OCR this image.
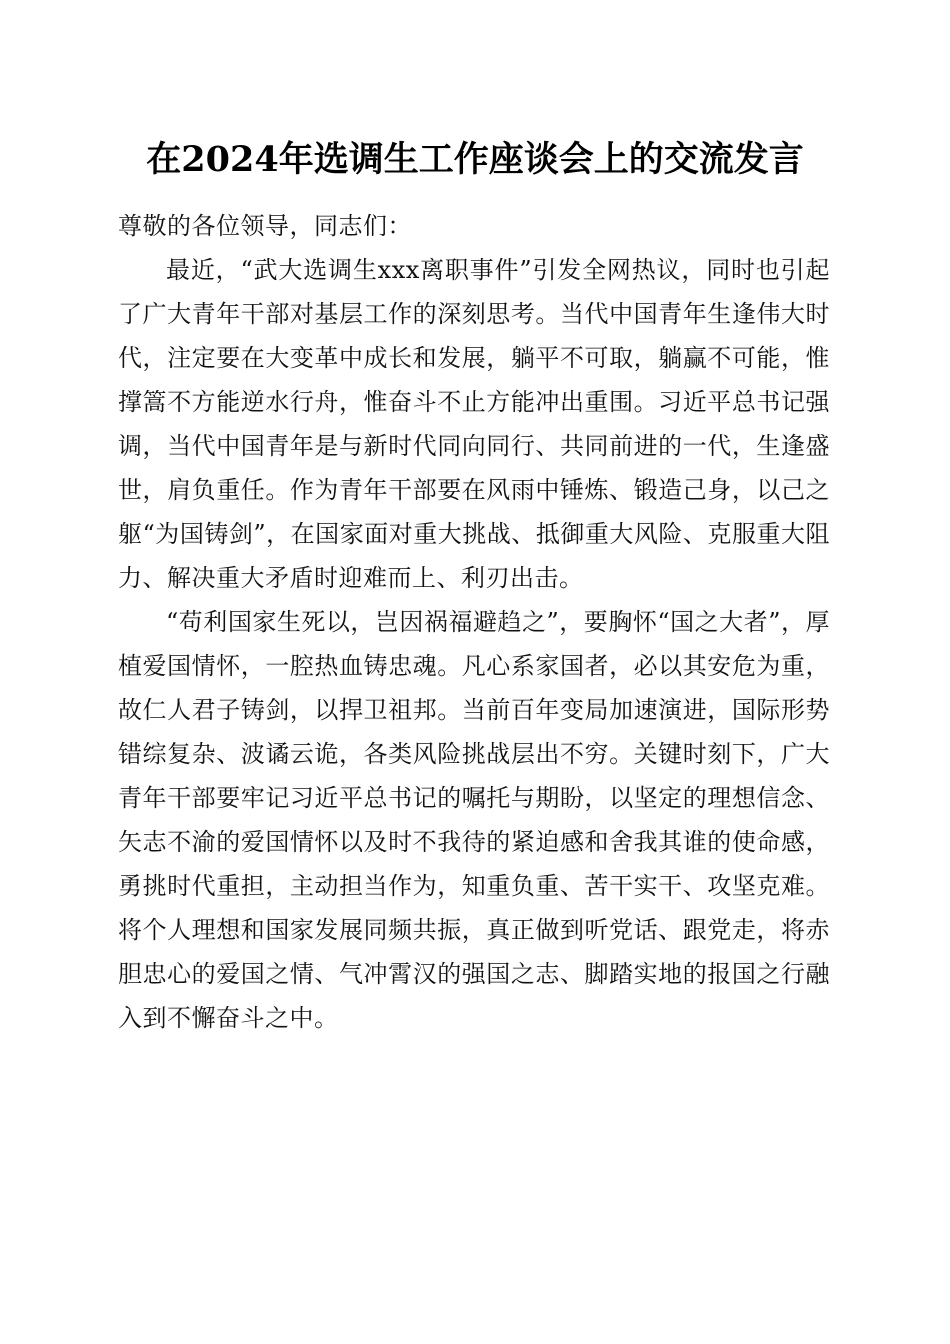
在2024年选调生工作座谈会上的交流发言

尊敬的各位领导，同志们：

最近，“武大选调生xxx离职事件”引发全网热议，同时也引起了广大青年干部对基层工作的深刻思考。当代中国青年生逢伟大时代，注定要在大变革中成长和发展，躺平不可取，躺赢不可能，惟撑篙不方能逆水行舟，惟奋斗不止方能冲出重围。习近平总书记强调，当代中国青年是与新时代同向同行、共同前进的一代，生逢盛世，肩负重任。作为青年干部要在风雨中锤炼、锻造己身，以己之躯“为国铸剑”，在国家面对重大挑战、抵御重大风险、克服重大阻力、解决重大矛盾时迎难而上、利刃出击。

“苟利国家生死以，岂因祸福避趋之”，要胸怀“国之大者”，厚植爱国情怀，一腔热血铸忠魂。凡心系家国者，必以其安危为重，故仁人君子铸剑，以捍卫祖邦。当前百年变局加速演进，国际形势错综复杂、波谲云诡，各类风险挑战层出不穷。关键时刻下，广大青年干部要牢记习近平总书记的嘱托与期盼，以坚定的理想信念、矢志不渝的爱国情怀以及时不我待的紧迫感和舍我其谁的使命感，勇挑时代重担，主动担当作为，知重负重、苦干实干、攻坚克难。将个人理想和国家发展同频共振，真正做到听党话、跟党走，将赤胆忠心的爱国之情、气冲霄汉的强国之志、脚踏实地的报国之行融入到不懈奋斗之中。
